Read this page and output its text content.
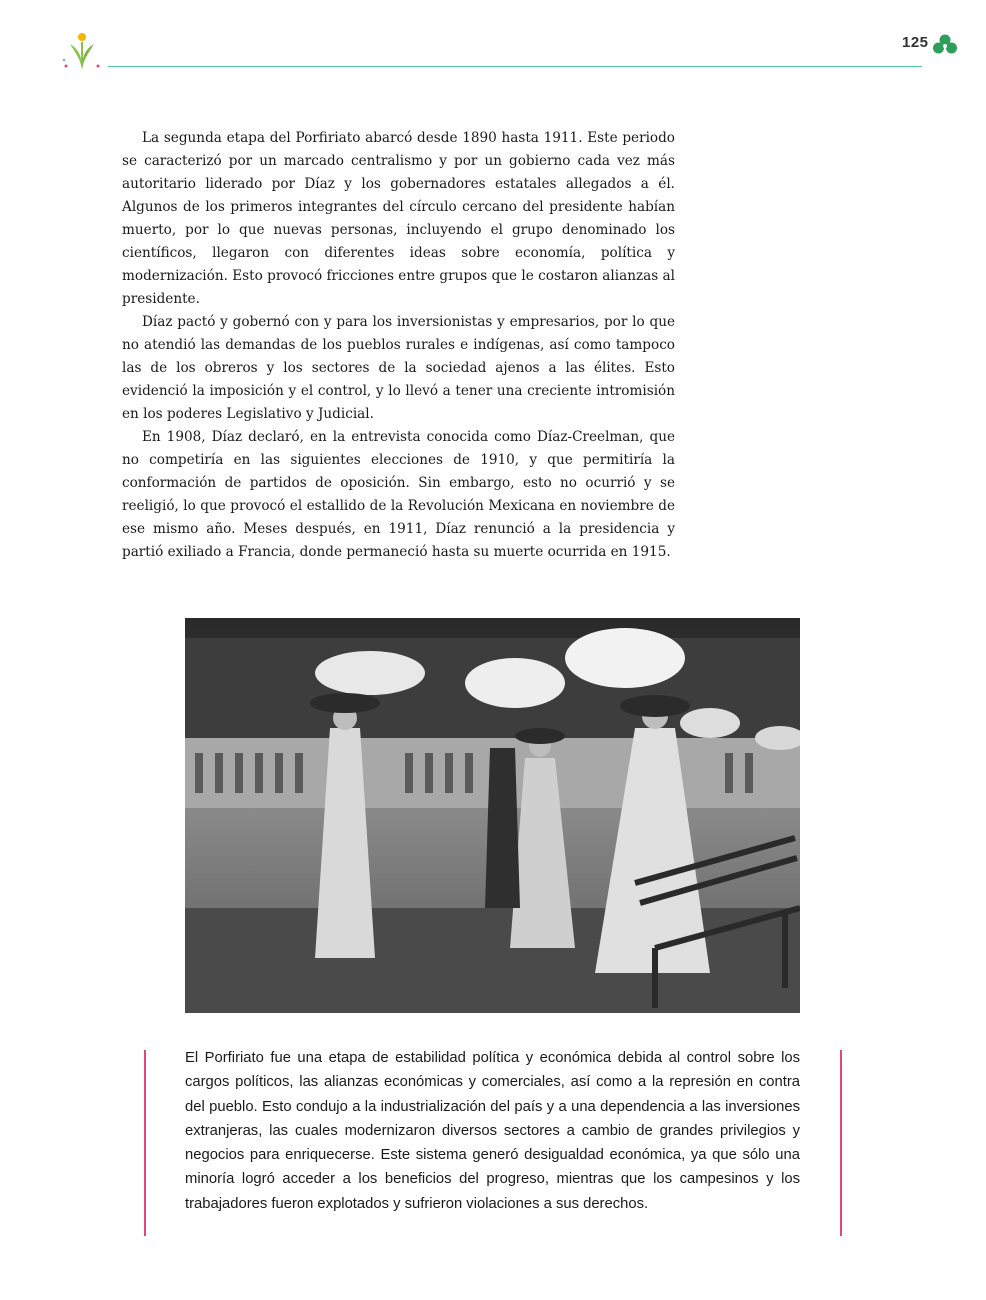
125

La segunda etapa del Porfiriato abarcó desde 1890 hasta 1911. Este periodo se caracterizó por un marcado centralismo y por un gobierno cada vez más autoritario liderado por Díaz y los gobernadores estatales allegados a él. Algunos de los primeros integrantes del círculo cercano del presidente habían muerto, por lo que nuevas personas, incluyendo el grupo denominado los científicos, llegaron con diferentes ideas sobre economía, política y modernización. Esto provocó fricciones entre grupos que le costaron alianzas al presidente.

Díaz pactó y gobernó con y para los inversionistas y empresarios, por lo que no atendió las demandas de los pueblos rurales e indígenas, así como tampoco las de los obreros y los sectores de la sociedad ajenos a las élites. Esto evidenció la imposición y el control, y lo llevó a tener una creciente intromisión en los poderes Legislativo y Judicial.

En 1908, Díaz declaró, en la entrevista conocida como Díaz-Creelman, que no competiría en las siguientes elecciones de 1910, y que permitiría la conformación de partidos de oposición. Sin embargo, esto no ocurrió y se reeligió, lo que provocó el estallido de la Revolución Mexicana en noviembre de ese mismo año. Meses después, en 1911, Díaz renunció a la presidencia y partió exiliado a Francia, donde permaneció hasta su muerte ocurrida en 1915.

El Porfiriato fue una etapa de estabilidad política y económica debida al control sobre los cargos políticos, las alianzas económicas y comerciales, así como a la represión en contra del pueblo. Esto condujo a la industrialización del país y a una dependencia a las inversiones extranjeras, las cuales modernizaron diversos sectores a cambio de grandes privilegios y negocios para enriquecerse. Este sistema generó desigualdad económica, ya que sólo una minoría logró acceder a los beneficios del progreso, mientras que los campesinos y los trabajadores fueron explotados y sufrieron violaciones a sus derechos.
